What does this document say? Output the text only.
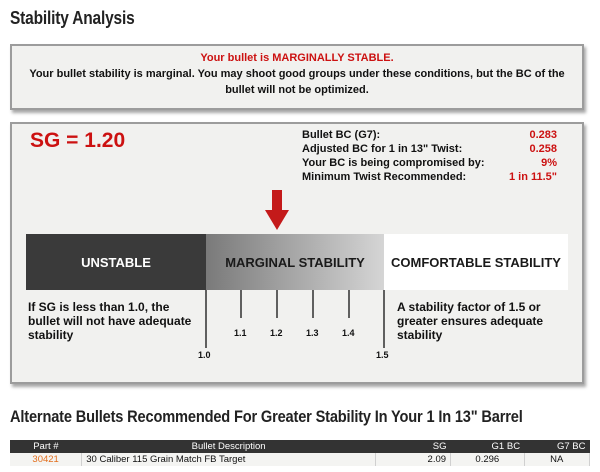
Stability Analysis
Your bullet is MARGINALLY STABLE.
Your bullet stability is marginal. You may shoot good groups under these conditions, but the BC of the bullet will not be optimized.
SG = 1.20	Bullet BC (G7):	0.283
Adjusted BC for 1 in 13" Twist:	0.258
Your BC is being compromised by:	9%
Minimum Twist Recommended:	1 in 11.5"
UNSTABLE	MARGINAL STABILITY	COMFORTABLE STABILITY
If SG is less than 1.0, the bullet will not have adequate stability
A stability factor of 1.5 or greater ensures adequate stability
1.0
1.1	1.2	1.3	1.4
1.5
Alternate Bullets Recommended For Greater Stability In Your 1 In 13" Barrel
Part #	Bullet Description	SG	G1 BC	G7 BC
30421	30 Caliber 115 Grain Match FB Target	2.09	0.296	NA
